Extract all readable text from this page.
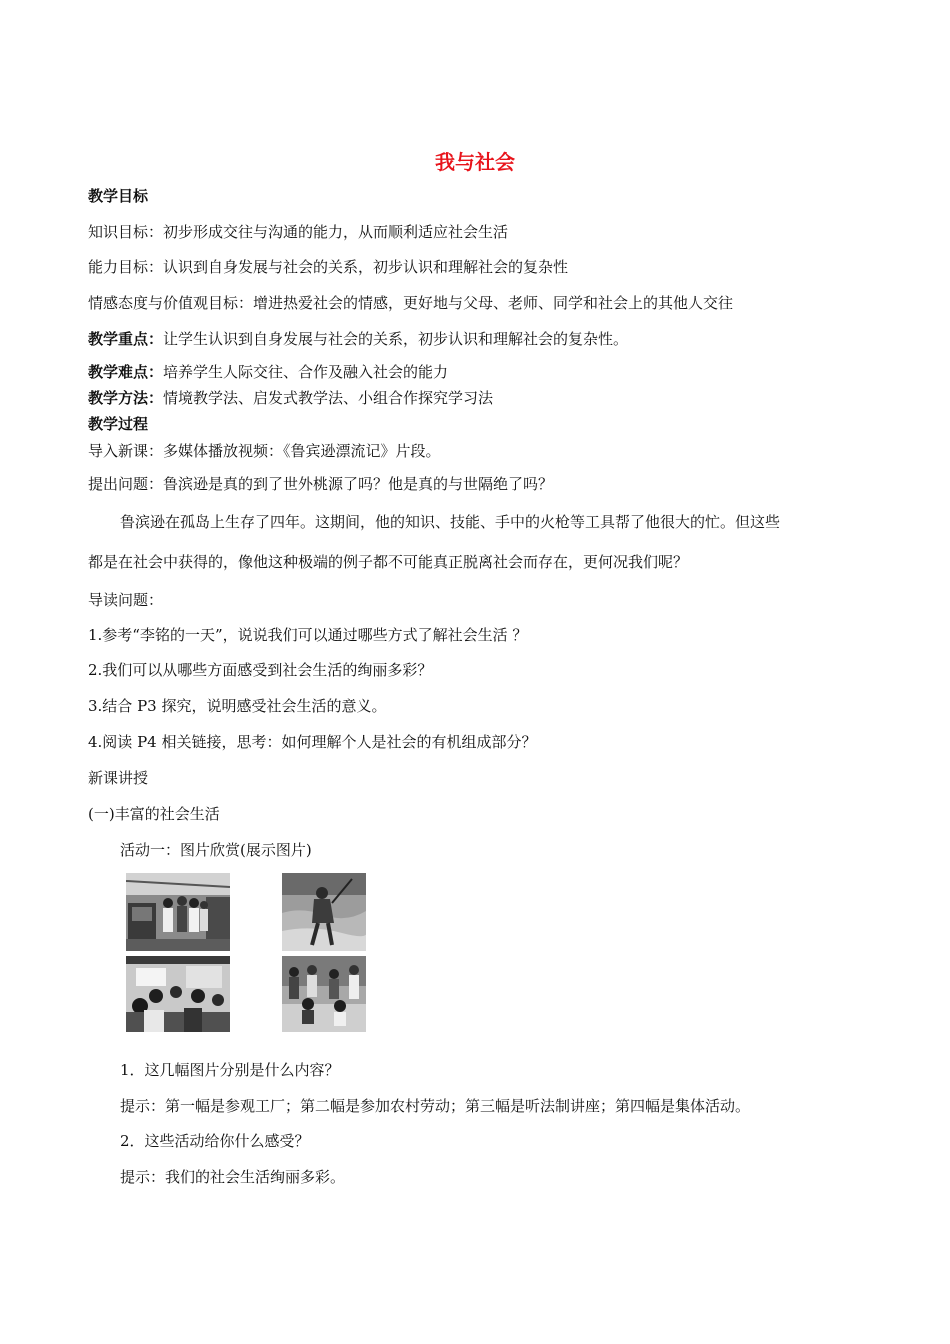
我与社会
教学目标
知识目标：初步形成交往与沟通的能力，从而顺利适应社会生活
能力目标：认识到自身发展与社会的关系，初步认识和理解社会的复杂性
情感态度与价值观目标：增进热爱社会的情感，更好地与父母、老师、同学和社会上的其他人交往
教学重点：让学生认识到自身发展与社会的关系，初步认识和理解社会的复杂性。
教学难点：培养学生人际交往、合作及融入社会的能力
教学方法：情境教学法、启发式教学法、小组合作探究学习法
教学过程
导入新课：多媒体播放视频：《鲁宾逊漂流记》片段。
提出问题：鲁滨逊是真的到了世外桃源了吗？他是真的与世隔绝了吗？
鲁滨逊在孤岛上生存了四年。这期间，他的知识、技能、手中的火枪等工具帮了他很大的忙。但这些
都是在社会中获得的，像他这种极端的例子都不可能真正脱离社会而存在，更何况我们呢？
导读问题：
1.参考“李铭的一天”，说说我们可以通过哪些方式了解社会生活 ？
2.我们可以从哪些方面感受到社会生活的绚丽多彩？
3.结合 P3 探究，说明感受社会生活的意义。
4.阅读 P4 相关链接，思考：如何理解个人是社会的有机组成部分？
新课讲授
(一)丰富的社会生活
活动一：图片欣赏(展示图片)
1．这几幅图片分别是什么内容？
提示：第一幅是参观工厂；第二幅是参加农村劳动；第三幅是听法制讲座；第四幅是集体活动。
2．这些活动给你什么感受？
提示：我们的社会生活绚丽多彩。
